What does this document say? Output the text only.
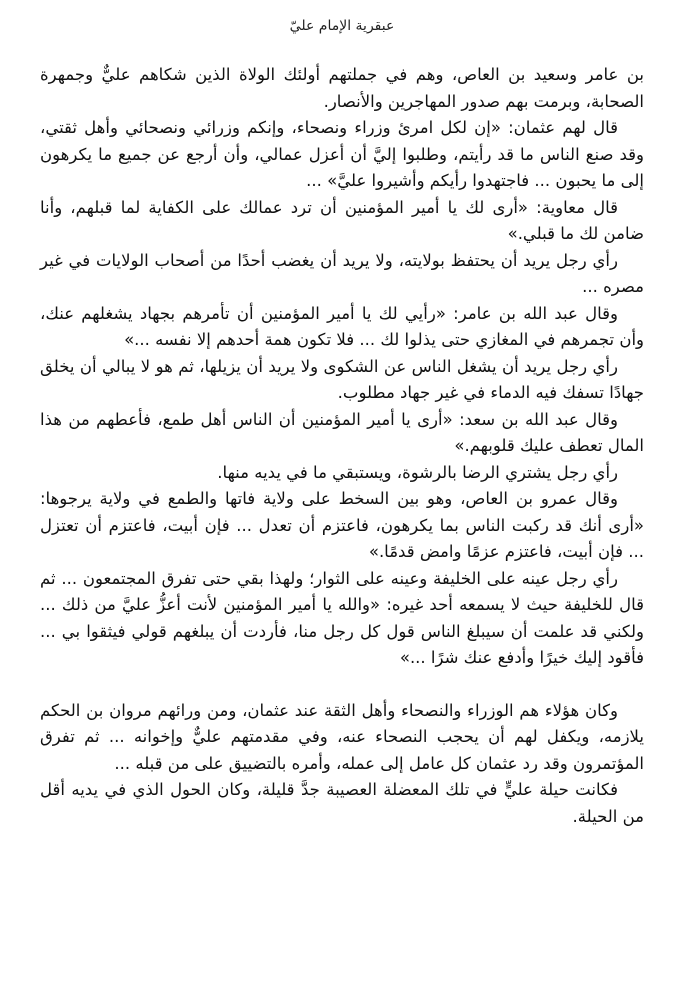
عبقرية الإمام عليّ

بن عامر وسعيد بن العاص، وهم في جملتهم أولئك الولاة الذين شكاهم عليٌّ وجمهرة الصحابة، وبرمت بهم صدور المهاجرين والأنصار.

قال لهم عثمان: «إن لكل امرئ وزراء ونصحاء، وإنكم وزرائي ونصحائي وأهل ثقتي، وقد صنع الناس ما قد رأيتم، وطلبوا إليَّ أن أعزل عمالي، وأن أرجع عن جميع ما يكرهون إلى ما يحبون ... فاجتهدوا رأيكم وأشيروا عليَّ» ...

قال معاوية: «أرى لك يا أمير المؤمنين أن ترد عمالك على الكفاية لما قبلهم، وأنا ضامن لك ما قبلي.»

رأي رجل يريد أن يحتفظ بولايته، ولا يريد أن يغضب أحدًا من أصحاب الولايات في غير مصره ...

وقال عبد الله بن عامر: «رأيي لك يا أمير المؤمنين أن تأمرهم بجهاد يشغلهم عنك، وأن تجمرهم في المغازي حتى يذلوا لك ... فلا تكون همة أحدهم إلا نفسه ...»

رأي رجل يريد أن يشغل الناس عن الشكوى ولا يريد أن يزيلها، ثم هو لا يبالي أن يخلق جهادًا تسفك فيه الدماء في غير جهاد مطلوب.

وقال عبد الله بن سعد: «أرى يا أمير المؤمنين أن الناس أهل طمع، فأعطهم من هذا المال تعطف عليك قلوبهم.»

رأي رجل يشتري الرضا بالرشوة، ويستبقي ما في يديه منها.

وقال عمرو بن العاص، وهو بين السخط على ولاية فاتها والطمع في ولاية يرجوها: «أرى أنك قد ركبت الناس بما يكرهون، فاعتزم أن تعدل ... فإن أبيت، فاعتزم أن تعتزل ... فإن أبيت، فاعتزم عزمًا وامض قدمًا.»

رأي رجل عينه على الخليفة وعينه على الثوار؛ ولهذا بقي حتى تفرق المجتمعون ... ثم قال للخليفة حيث لا يسمعه أحد غيره: «والله يا أمير المؤمنين لأنت أعزُّ عليَّ من ذلك ... ولكني قد علمت أن سيبلغ الناس قول كل رجل منا، فأردت أن يبلغهم قولي فيثقوا بي ... فأقود إليك خيرًا وأدفع عنك شرًا ...»

وكان هؤلاء هم الوزراء والنصحاء وأهل الثقة عند عثمان، ومن ورائهم مروان بن الحكم يلازمه، ويكفل لهم أن يحجب النصحاء عنه، وفي مقدمتهم عليٌّ وإخوانه ... ثم تفرق المؤتمرون وقد رد عثمان كل عامل إلى عمله، وأمره بالتضييق على من قبله ...

فكانت حيلة عليٍّ في تلك المعضلة العصيبة جدَّ قليلة، وكان الحول الذي في يديه أقل من الحيلة.
